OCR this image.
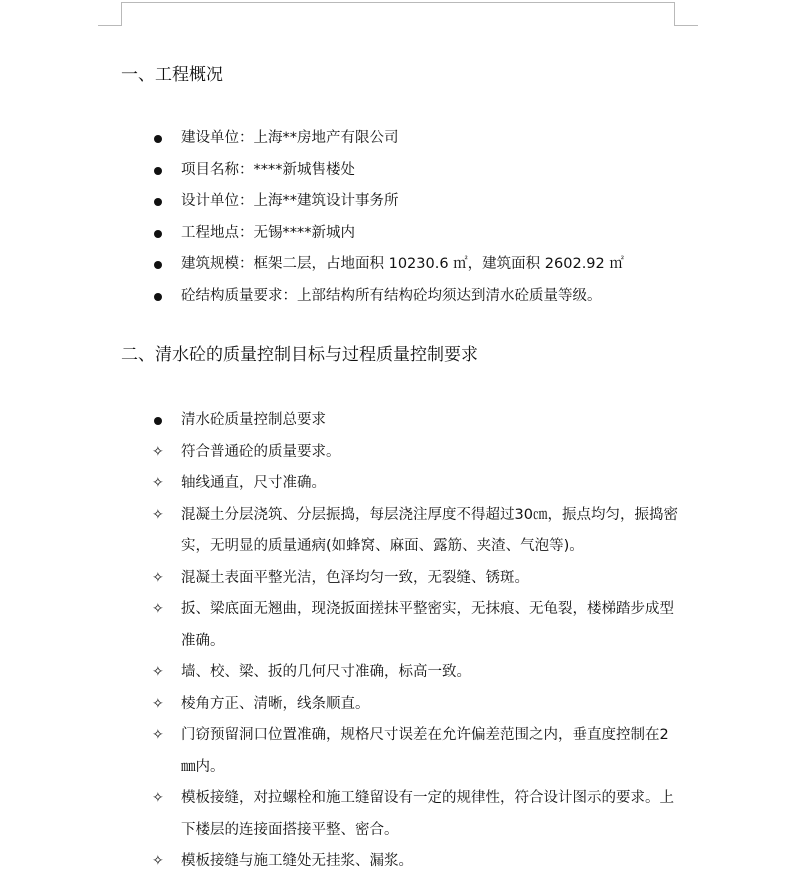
一、工程概况
建设单位：上海**房地产有限公司
项目名称：****新城售楼处
设计单位：上海**建筑设计事务所
工程地点：无锡****新城内
建筑规模：框架二层，占地面积 10230.6 ㎡，建筑面积 2602.92 ㎡
砼结构质量要求：上部结构所有结构砼均须达到清水砼质量等级。
二、清水砼的质量控制目标与过程质量控制要求
清水砼质量控制总要求
✧	符合普通砼的质量要求。
✧	轴线通直，尺寸准确。
✧	混凝土分层浇筑、分层振捣，每层浇注厚度不得超过30㎝，振点均匀，振捣密实，无明显的质量通病(如蜂窝、麻面、露筋、夹渣、气泡等)。
✧	混凝土表面平整光洁，色泽均匀一致，无裂缝、锈斑。
✧	扳、梁底面无翘曲，现浇扳面搓抹平整密实，无抹痕、无龟裂，楼梯踏步成型准确。
✧	墙、校、梁、扳的几何尺寸准确，标高一致。
✧	棱角方正、清晰，线条顺直。
✧	门窃预留洞口位置准确，规格尺寸误差在允许偏差范围之内，垂直度控制在2㎜内。
✧	模板接缝，对拉螺栓和施工缝留设有一定的规律性，符合设计图示的要求。上下楼层的连接面搭接平整、密合。
✧	模板接缝与施工缝处无挂浆、漏浆。
